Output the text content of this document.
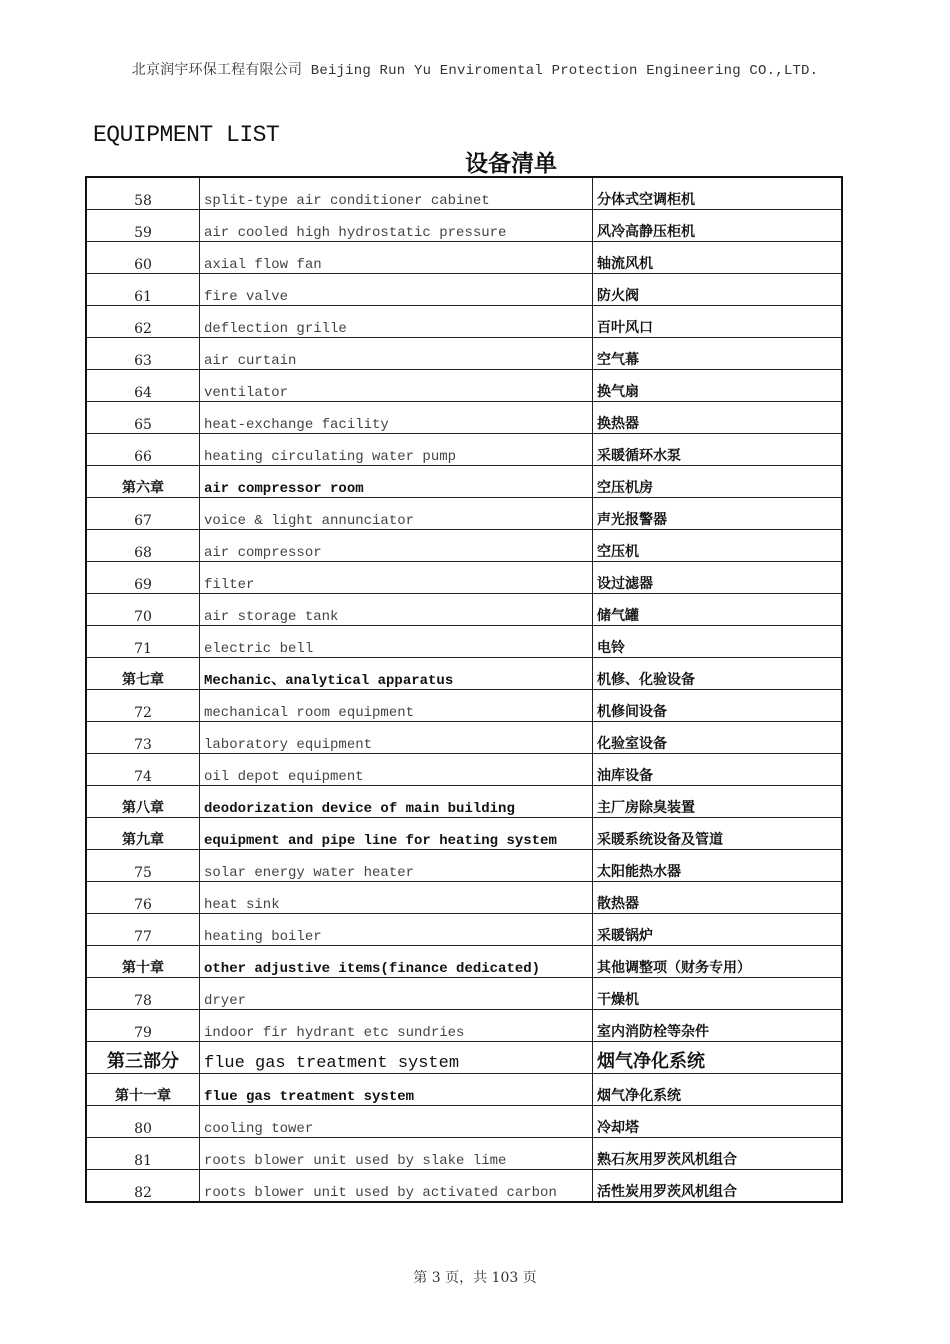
北京润宇环保工程有限公司 Beijing Run Yu Enviromental Protection Engineering CO.,LTD.
EQUIPMENT LIST
设备清单
58	split-type air conditioner cabinet	分体式空调柜机
59	air cooled high hydrostatic pressure	风冷高静压柜机
60	axial flow fan	轴流风机
61	fire valve	防火阀
62	deflection grille	百叶风口
63	air curtain	空气幕
64	ventilator	换气扇
65	heat-exchange facility	换热器
66	heating circulating water pump	采暖循环水泵
第六章	air compressor room	空压机房
67	voice & light annunciator	声光报警器
68	air compressor	空压机
69	filter	设过滤器
70	air storage tank	储气罐
71	electric bell	电铃
第七章	Mechanic、analytical apparatus	机修、化验设备
72	mechanical room equipment	机修间设备
73	laboratory equipment	化验室设备
74	oil depot equipment	油库设备
第八章	deodorization device of main building	主厂房除臭装置
第九章	equipment and pipe line for heating system	采暖系统设备及管道
75	solar energy water heater	太阳能热水器
76	heat sink	散热器
77	heating boiler	采暖锅炉
第十章	other adjustive items(finance dedicated)	其他调整项（财务专用）
78	dryer	干燥机
79	indoor fir hydrant etc sundries	室内消防栓等杂件
第三部分	flue gas treatment system	烟气净化系统
第十一章	flue gas treatment system	烟气净化系统
80	cooling tower	冷却塔
81	roots blower unit used by slake lime	熟石灰用罗茨风机组合
82	roots blower unit used by activated carbon	活性炭用罗茨风机组合
第 3 页，共 103 页
